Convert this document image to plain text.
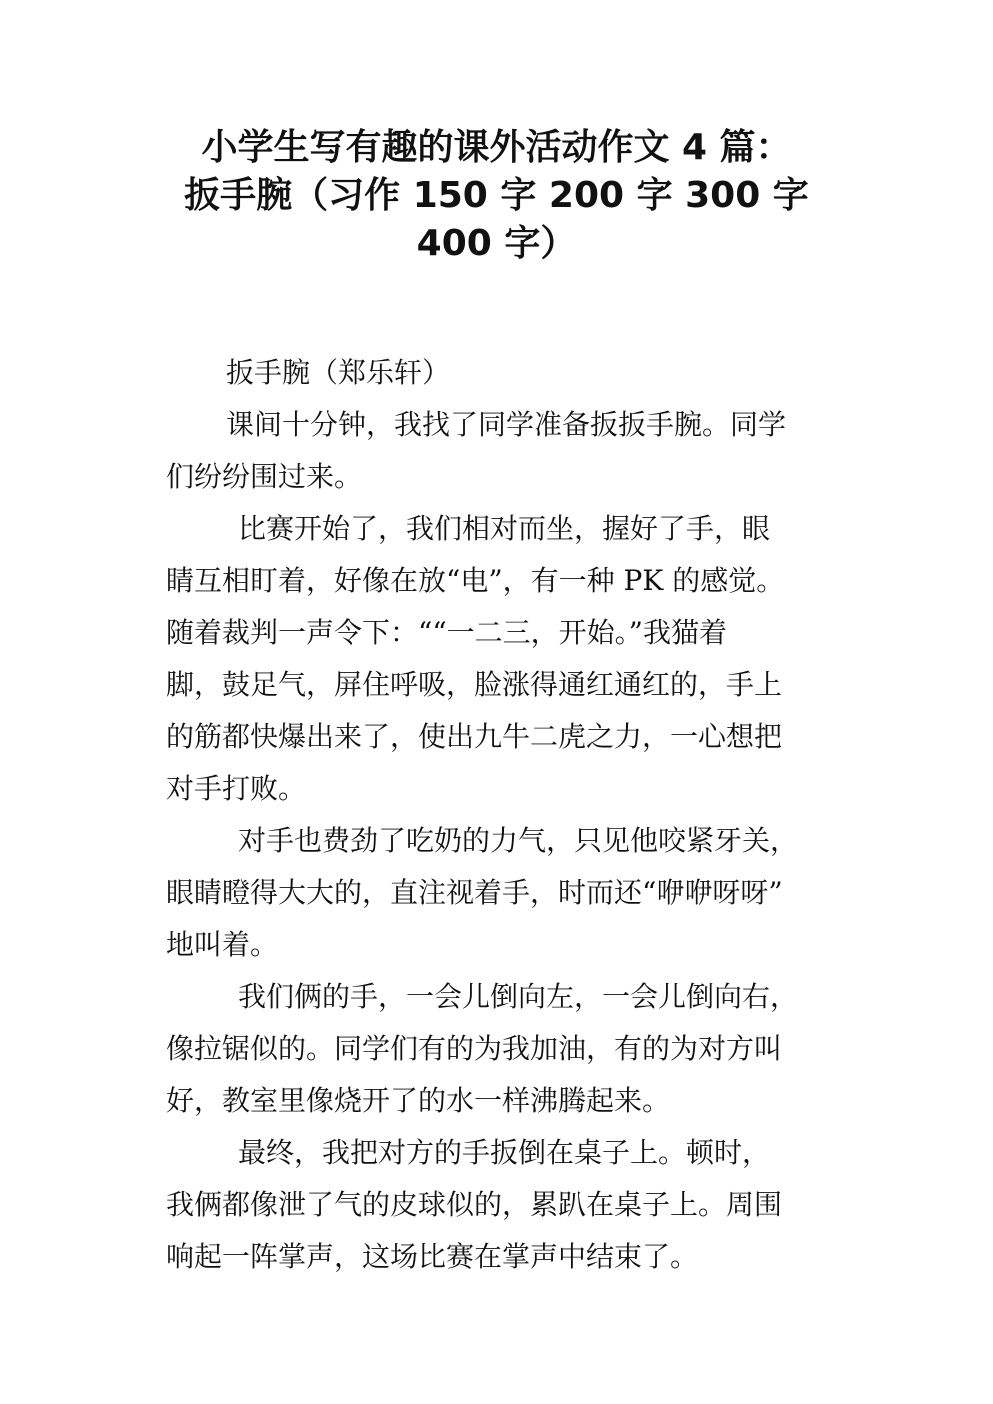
小学生写有趣的课外活动作文 4 篇：
扳手腕（习作 150 字 200 字 300 字
400 字）
扳手腕（郑乐轩）
课间十分钟，我找了同学准备扳扳手腕。同学
们纷纷围过来。
比赛开始了，我们相对而坐，握好了手，眼
睛互相盯着，好像在放“电”，有一种 PK 的感觉。
随着裁判一声令下：““一二三，开始。”我猫着
脚，鼓足气，屏住呼吸，脸涨得通红通红的，手上
的筋都快爆出来了，使出九牛二虎之力，一心想把
对手打败。
对手也费劲了吃奶的力气，只见他咬紧牙关，
眼睛瞪得大大的，直注视着手，时而还“咿咿呀呀”
地叫着。
我们俩的手，一会儿倒向左，一会儿倒向右，
像拉锯似的。同学们有的为我加油，有的为对方叫
好，教室里像烧开了的水一样沸腾起来。
最终，我把对方的手扳倒在桌子上。顿时，
我俩都像泄了气的皮球似的，累趴在桌子上。周围
响起一阵掌声，这场比赛在掌声中结束了。
